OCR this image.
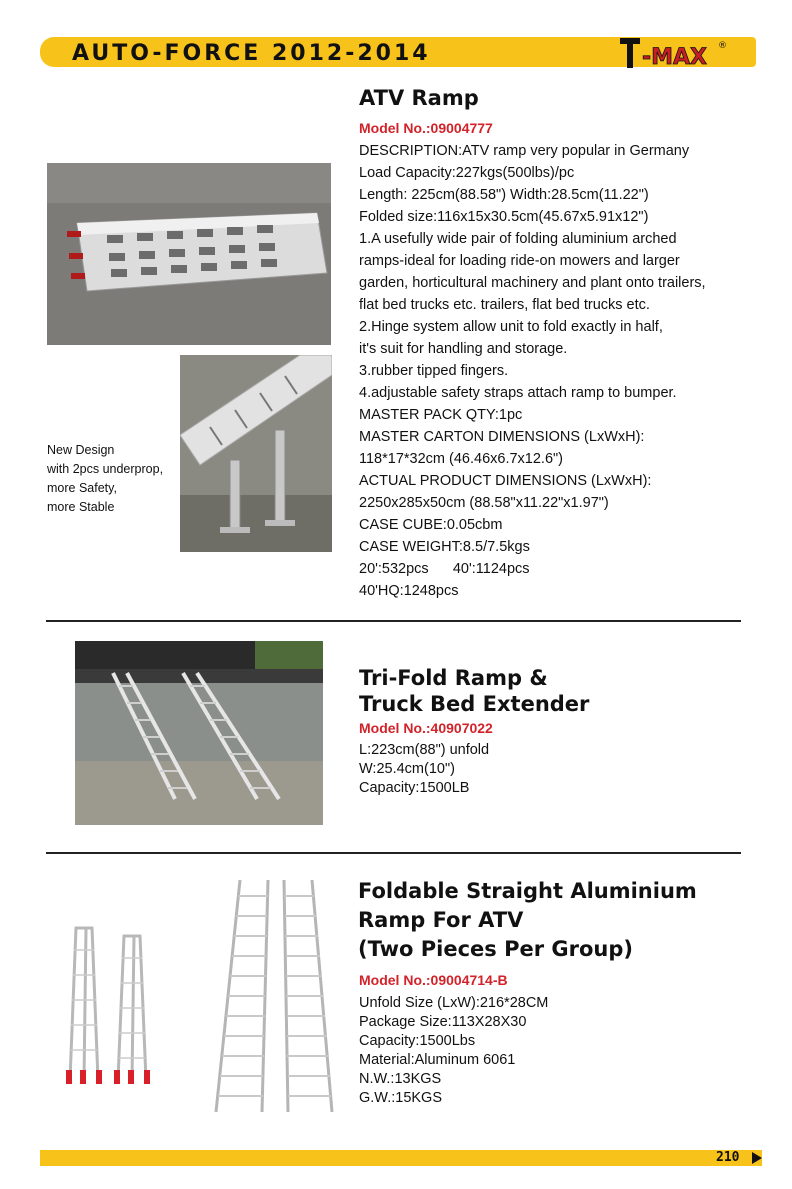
AUTO-FORCE 2012-2014	-MAX ®
ATV Ramp
Model No.:09004777
DESCRIPTION:ATV ramp very popular in Germany
Load Capacity:227kgs(500lbs)/pc
Length: 225cm(88.58") Width:28.5cm(11.22")
Folded size:116x15x30.5cm(45.67x5.91x12")
1.A usefully wide pair of folding aluminium arched
ramps-ideal for loading ride-on mowers and larger
garden, horticultural machinery and plant onto trailers,
flat bed trucks etc. trailers, flat bed trucks etc.
2.Hinge system allow unit to fold exactly in half,
it's suit for handling and storage.
3.rubber tipped fingers.
4.adjustable safety straps attach ramp to bumper.
MASTER PACK QTY:1pc
MASTER CARTON DIMENSIONS (LxWxH):
118*17*32cm (46.46x6.7x12.6")
ACTUAL PRODUCT DIMENSIONS (LxWxH):
2250x285x50cm (88.58"x11.22"x1.97")
CASE CUBE:0.05cbm
CASE WEIGHT:8.5/7.5kgs
20':532pcs      40':1124pcs
40'HQ:1248pcs
New Design
with 2pcs underprop,
more Safety,
more Stable
Tri-Fold Ramp &
Truck Bed Extender
Model No.:40907022
L:223cm(88") unfold
W:25.4cm(10")
Capacity:1500LB
Foldable Straight Aluminium
Ramp For ATV
(Two Pieces Per Group)
Model No.:09004714-B
Unfold Size (LxW):216*28CM
Package Size:113X28X30
Capacity:1500Lbs
Material:Aluminum 6061
N.W.:13KGS
G.W.:15KGS
210
